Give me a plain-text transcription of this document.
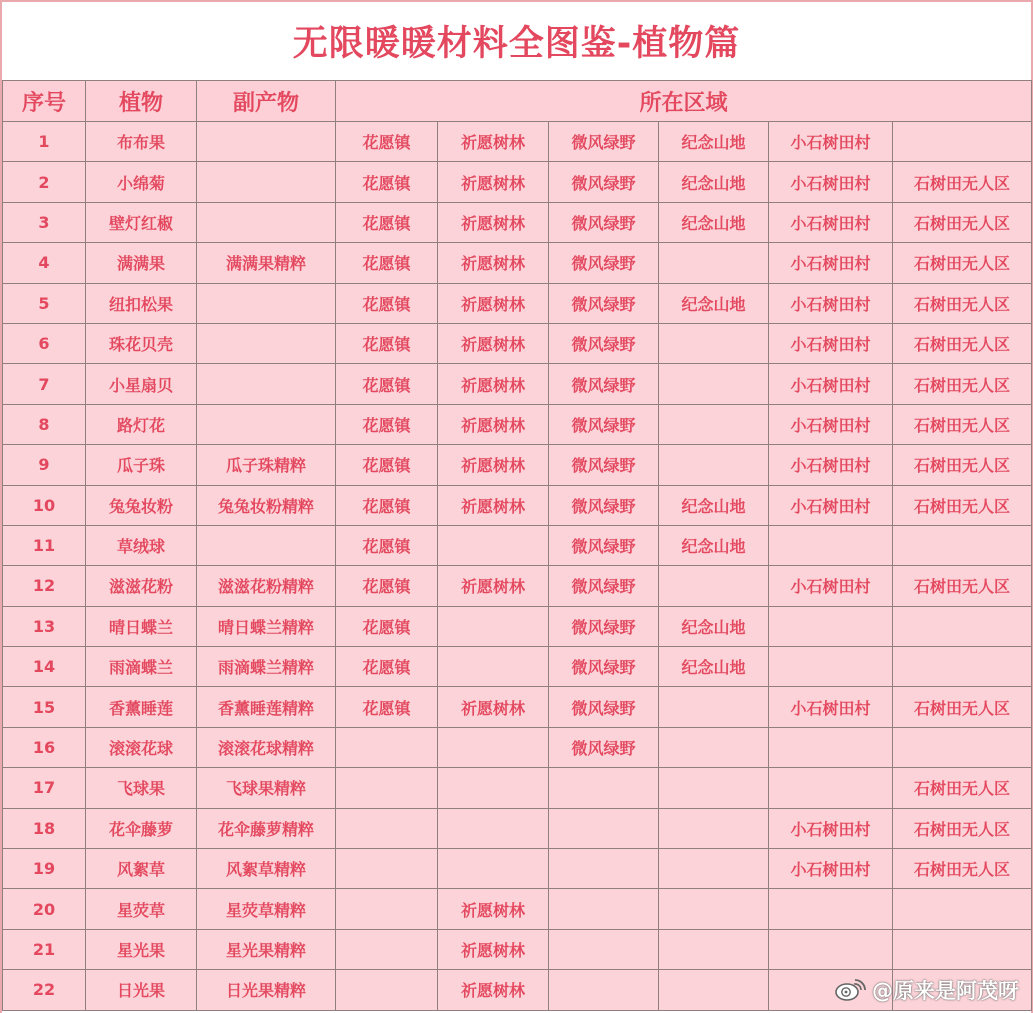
无限暖暖材料全图鉴-植物篇
序号	植物	副产物	所在区域					
1	布布果		花愿镇	祈愿树林	微风绿野	纪念山地	小石树田村	
2	小绵菊		花愿镇	祈愿树林	微风绿野	纪念山地	小石树田村	石树田无人区
3	壁灯红椒		花愿镇	祈愿树林	微风绿野	纪念山地	小石树田村	石树田无人区
4	满满果	满满果精粹	花愿镇	祈愿树林	微风绿野		小石树田村	石树田无人区
5	纽扣松果		花愿镇	祈愿树林	微风绿野	纪念山地	小石树田村	石树田无人区
6	珠花贝壳		花愿镇	祈愿树林	微风绿野		小石树田村	石树田无人区
7	小星扇贝		花愿镇	祈愿树林	微风绿野		小石树田村	石树田无人区
8	路灯花		花愿镇	祈愿树林	微风绿野		小石树田村	石树田无人区
9	瓜子珠	瓜子珠精粹	花愿镇	祈愿树林	微风绿野		小石树田村	石树田无人区
10	兔兔妆粉	兔兔妆粉精粹	花愿镇	祈愿树林	微风绿野	纪念山地	小石树田村	石树田无人区
11	草绒球		花愿镇		微风绿野	纪念山地		
12	滋滋花粉	滋滋花粉精粹	花愿镇	祈愿树林	微风绿野		小石树田村	石树田无人区
13	晴日蝶兰	晴日蝶兰精粹	花愿镇		微风绿野	纪念山地		
14	雨滴蝶兰	雨滴蝶兰精粹	花愿镇		微风绿野	纪念山地		
15	香薰睡莲	香薰睡莲精粹	花愿镇	祈愿树林	微风绿野		小石树田村	石树田无人区
16	滚滚花球	滚滚花球精粹			微风绿野			
17	飞球果	飞球果精粹						石树田无人区
18	花伞藤萝	花伞藤萝精粹					小石树田村	石树田无人区
19	风絮草	风絮草精粹					小石树田村	石树田无人区
20	星荧草	星荧草精粹		祈愿树林				
21	星光果	星光果精粹		祈愿树林				
22	日光果	日光果精粹		祈愿树林					@原来是阿茂呀
